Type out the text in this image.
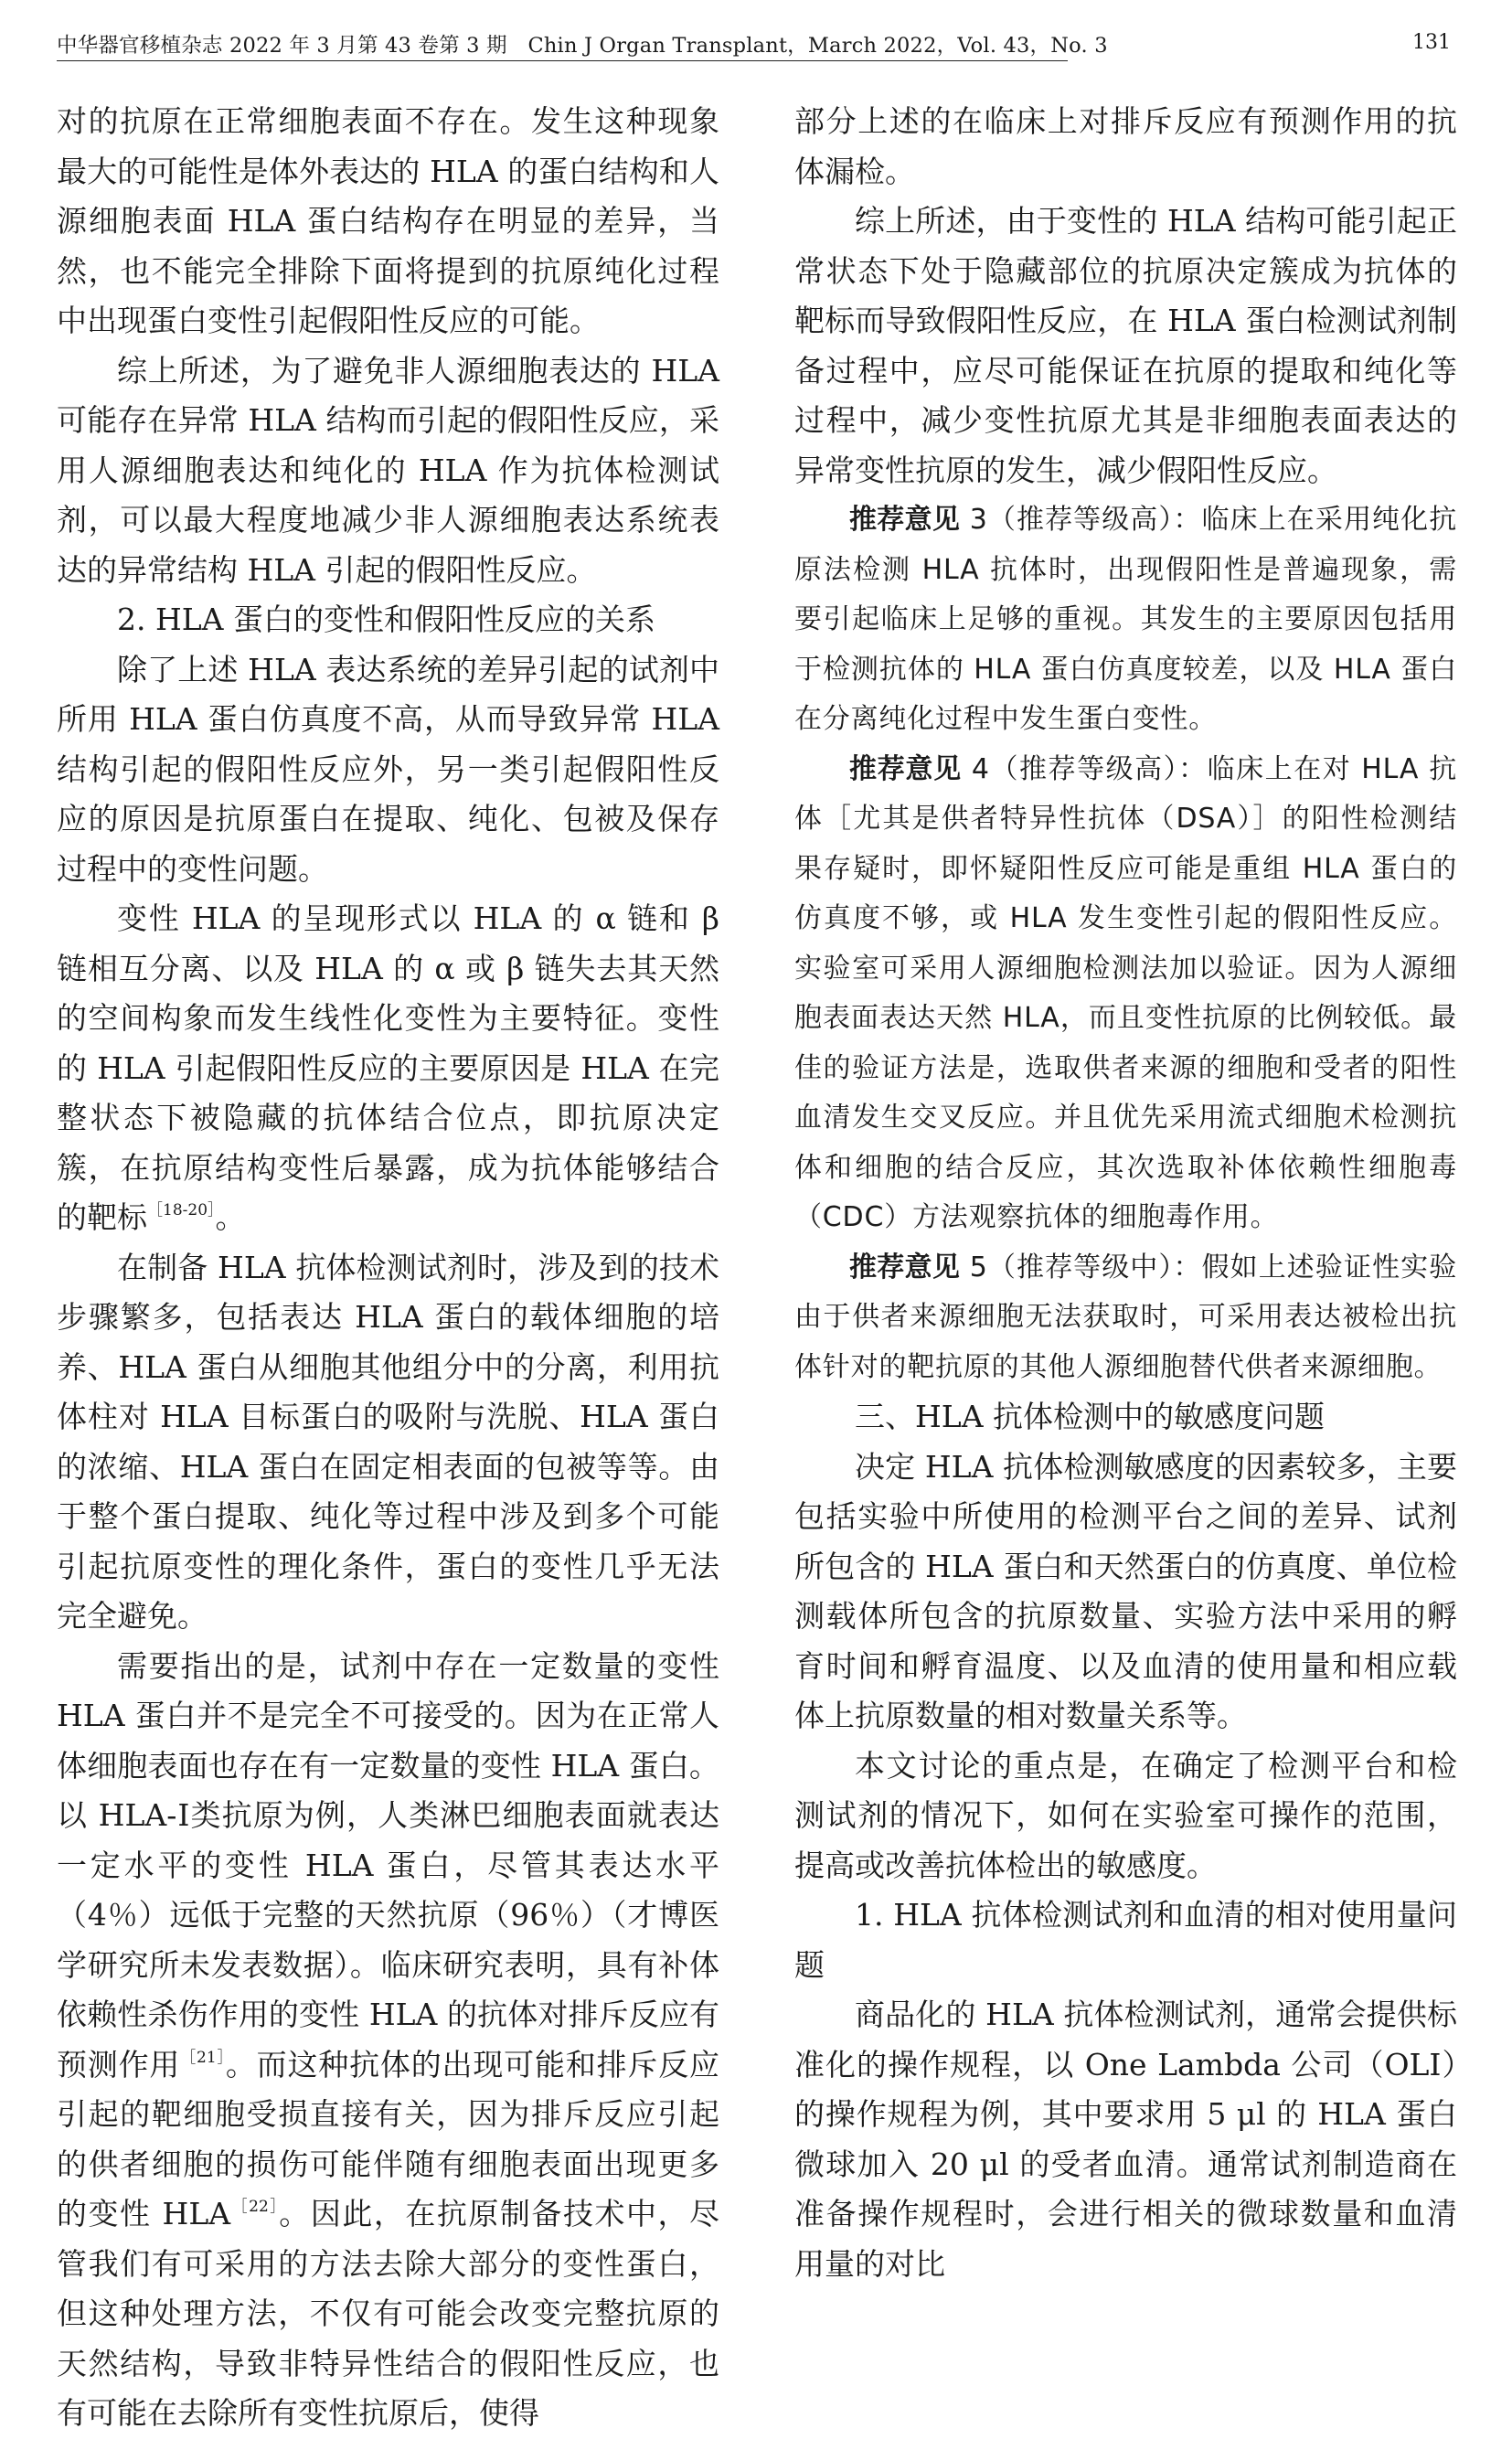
中华器官移植杂志 2022 年 3 月第 43 卷第 3 期　Chin J Organ Transplant，March 2022，Vol. 43，No. 3	131

对的抗原在正常细胞表面不存在。发生这种现象最大的可能性是体外表达的 HLA 的蛋白结构和人源细胞表面 HLA 蛋白结构存在明显的差异，当然，也不能完全排除下面将提到的抗原纯化过程中出现蛋白变性引起假阳性反应的可能。

综上所述，为了避免非人源细胞表达的 HLA 可能存在异常 HLA 结构而引起的假阳性反应，采用人源细胞表达和纯化的 HLA 作为抗体检测试剂，可以最大程度地减少非人源细胞表达系统表达的异常结构 HLA 引起的假阳性反应。

2. HLA 蛋白的变性和假阳性反应的关系

除了上述 HLA 表达系统的差异引起的试剂中所用 HLA 蛋白仿真度不高，从而导致异常 HLA 结构引起的假阳性反应外，另一类引起假阳性反应的原因是抗原蛋白在提取、纯化、包被及保存过程中的变性问题。

变性 HLA 的呈现形式以 HLA 的 α 链和 β 链相互分离、以及 HLA 的 α 或 β 链失去其天然的空间构象而发生线性化变性为主要特征。变性的 HLA 引起假阳性反应的主要原因是 HLA 在完整状态下被隐藏的抗体结合位点，即抗原决定簇，在抗原结构变性后暴露，成为抗体能够结合的靶标$^{[18-20]}$。

在制备 HLA 抗体检测试剂时，涉及到的技术步骤繁多，包括表达 HLA 蛋白的载体细胞的培养、HLA 蛋白从细胞其他组分中的分离，利用抗体柱对 HLA 目标蛋白的吸附与洗脱、HLA 蛋白的浓缩、HLA 蛋白在固定相表面的包被等等。由于整个蛋白提取、纯化等过程中涉及到多个可能引起抗原变性的理化条件，蛋白的变性几乎无法完全避免。

需要指出的是，试剂中存在一定数量的变性 HLA 蛋白并不是完全不可接受的。因为在正常人体细胞表面也存在有一定数量的变性 HLA 蛋白。以 HLA-Ⅰ类抗原为例，人类淋巴细胞表面就表达一定水平的变性 HLA 蛋白，尽管其表达水平（4％）远低于完整的天然抗原（96％）（才博医学研究所未发表数据）。临床研究表明，具有补体依赖性杀伤作用的变性 HLA 的抗体对排斥反应有预测作用$^{[21]}$。而这种抗体的出现可能和排斥反应引起的靶细胞受损直接有关，因为排斥反应引起的供者细胞的损伤可能伴随有细胞表面出现更多的变性 $HLA^{[22]}$。因此，在抗原制备技术中，尽管我们有可采用的方法去除大部分的变性蛋白，但这种处理方法，不仅有可能会改变完整抗原的天然结构，导致非特异性结合的假阳性反应，也有可能在去除所有变性抗原后，使得

部分上述的在临床上对排斥反应有预测作用的抗体漏检。

综上所述，由于变性的 HLA 结构可能引起正常状态下处于隐藏部位的抗原决定簇成为抗体的靶标而导致假阳性反应，在 HLA 蛋白检测试剂制备过程中，应尽可能保证在抗原的提取和纯化等过程中，减少变性抗原尤其是非细胞表面表达的异常变性抗原的发生，减少假阳性反应。

推荐意见 3（推荐等级高）：临床上在采用纯化抗原法检测 HLA 抗体时，出现假阳性是普遍现象，需要引起临床上足够的重视。其发生的主要原因包括用于检测抗体的 HLA 蛋白仿真度较差，以及 HLA 蛋白在分离纯化过程中发生蛋白变性。

推荐意见 4（推荐等级高）：临床上在对 HLA 抗体［尤其是供者特异性抗体（DSA）］的阳性检测结果存疑时，即怀疑阳性反应可能是重组 HLA 蛋白的仿真度不够，或 HLA 发生变性引起的假阳性反应。实验室可采用人源细胞检测法加以验证。因为人源细胞表面表达天然 HLA，而且变性抗原的比例较低。最佳的验证方法是，选取供者来源的细胞和受者的阳性血清发生交叉反应。并且优先采用流式细胞术检测抗体和细胞的结合反应，其次选取补体依赖性细胞毒（CDC）方法观察抗体的细胞毒作用。

推荐意见 5（推荐等级中）：假如上述验证性实验由于供者来源细胞无法获取时，可采用表达被检出抗体针对的靶抗原的其他人源细胞替代供者来源细胞。

三、HLA 抗体检测中的敏感度问题

决定 HLA 抗体检测敏感度的因素较多，主要包括实验中所使用的检测平台之间的差异、试剂所包含的 HLA 蛋白和天然蛋白的仿真度、单位检测载体所包含的抗原数量、实验方法中采用的孵育时间和孵育温度、以及血清的使用量和相应载体上抗原数量的相对数量关系等。

本文讨论的重点是，在确定了检测平台和检测试剂的情况下，如何在实验室可操作的范围，提高或改善抗体检出的敏感度。

1. HLA 抗体检测试剂和血清的相对使用量问题

商品化的 HLA 抗体检测试剂，通常会提供标准化的操作规程，以 One Lambda 公司（OLI）的操作规程为例，其中要求用 5 μl 的 HLA 蛋白微球加入 20 μl 的受者血清。通常试剂制造商在准备操作规程时，会进行相关的微球数量和血清用量的对比
